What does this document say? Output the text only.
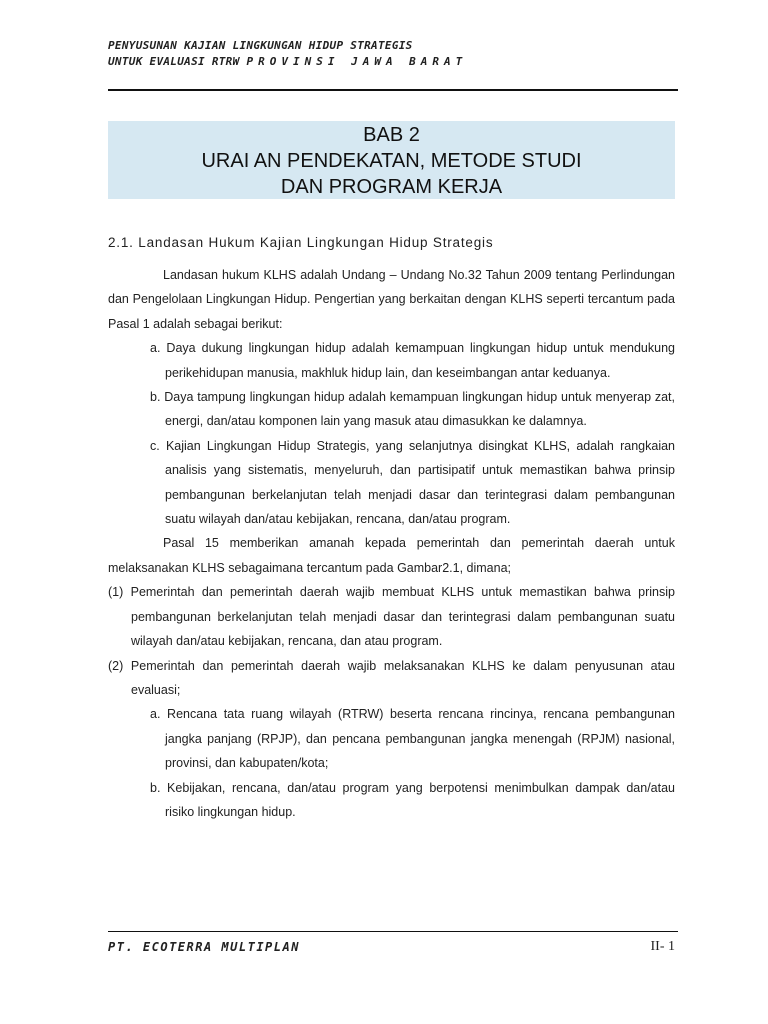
PENYUSUNAN KAJIAN LINGKUNGAN HIDUP STRATEGIS
UNTUK EVALUASI RTRW PROVINSI JAWA BARAT
BAB 2
URAI AN PENDEKATAN, METODE STUDI
DAN PROGRAM KERJA
2.1. Landasan Hukum Kajian Lingkungan Hidup Strategis

Landasan hukum KLHS adalah Undang – Undang No.32 Tahun 2009 tentang Perlindungan dan Pengelolaan Lingkungan Hidup. Pengertian yang berkaitan dengan KLHS seperti tercantum pada Pasal 1 adalah sebagai berikut:

a. Daya dukung lingkungan hidup adalah kemampuan lingkungan hidup untuk mendukung perikehidupan manusia, makhluk hidup lain, dan keseimbangan antar keduanya.

b. Daya tampung lingkungan hidup adalah kemampuan lingkungan hidup untuk menyerap zat, energi, dan/atau komponen lain yang masuk atau dimasukkan ke dalamnya.

c. Kajian Lingkungan Hidup Strategis, yang selanjutnya disingkat KLHS, adalah rangkaian analisis yang sistematis, menyeluruh, dan partisipatif untuk memastikan bahwa prinsip pembangunan berkelanjutan telah menjadi dasar dan terintegrasi dalam pembangunan suatu wilayah dan/atau kebijakan, rencana, dan/atau program.

Pasal 15 memberikan amanah kepada pemerintah dan pemerintah daerah untuk melaksanakan KLHS sebagaimana tercantum pada Gambar2.1, dimana;

(1) Pemerintah dan pemerintah daerah wajib membuat KLHS untuk memastikan bahwa prinsip pembangunan berkelanjutan telah menjadi dasar dan terintegrasi dalam pembangunan suatu wilayah dan/atau kebijakan, rencana, dan atau program.

(2) Pemerintah dan pemerintah daerah wajib melaksanakan KLHS ke dalam penyusunan atau evaluasi;

a. Rencana tata ruang wilayah (RTRW) beserta rencana rincinya, rencana pembangunan jangka panjang (RPJP), dan pencana pembangunan jangka menengah (RPJM) nasional, provinsi, dan kabupaten/kota;

b. Kebijakan, rencana, dan/atau program yang berpotensi menimbulkan dampak dan/atau risiko lingkungan hidup.

PT. ECOTERRA MULTIPLAN	II- 1
